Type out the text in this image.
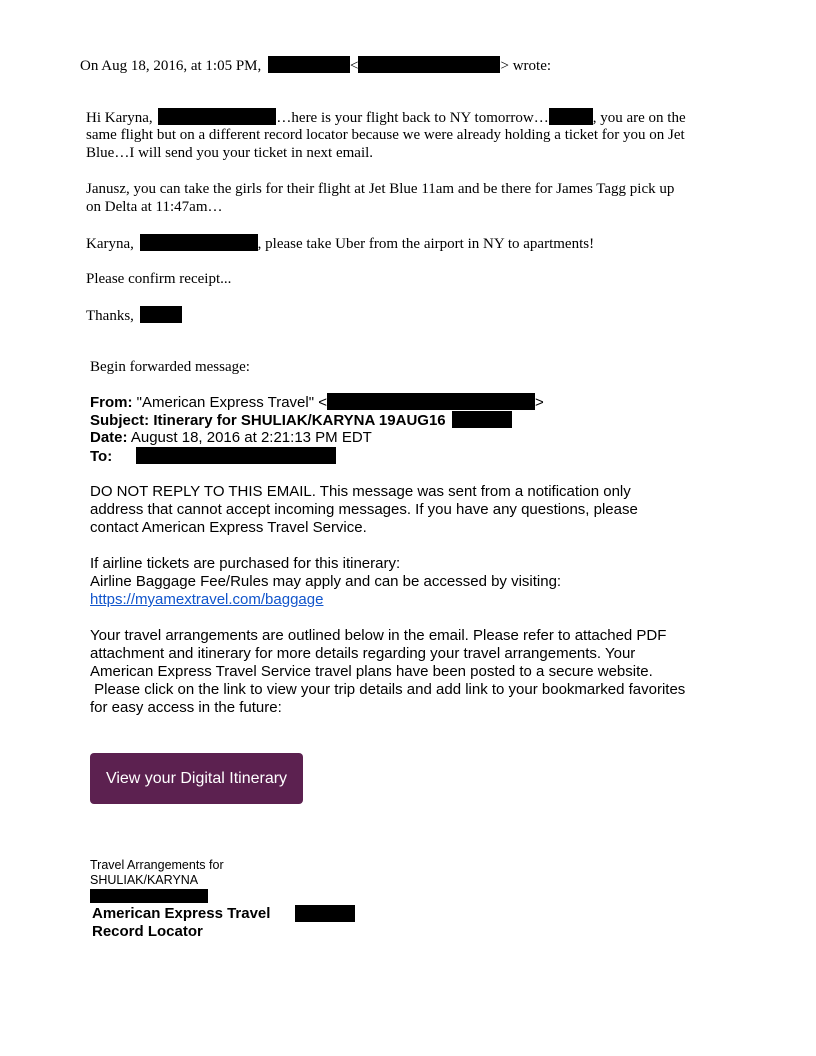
On Aug 18, 2016, at 1:05 PM,	<	> wrote:
Hi Karyna,	…here is your flight back to NY tomorrow…	, you are on the
same flight but on a different record locator because we were already holding a ticket for you on Jet
Blue…I will send you your ticket in next email.
Janusz, you can take the girls for their flight at Jet Blue 11am and be there for James Tagg pick up
on Delta at 11:47am…
Karyna,	, please take Uber from the airport in NY to apartments!
Please confirm receipt...
Thanks,
Begin forwarded message:
From: "American Express Travel" <	>
Subject: Itinerary for SHULIAK/KARYNA 19AUG16
Date: August 18, 2016 at 2:21:13 PM EDT
To:
DO NOT REPLY TO THIS EMAIL. This message was sent from a notification only
address that cannot accept incoming messages. If you have any questions, please
contact American Express Travel Service.
If airline tickets are purchased for this itinerary:
Airline Baggage Fee/Rules may apply and can be accessed by visiting:
https://myamextravel.com/baggage
Your travel arrangements are outlined below in the email. Please refer to attached PDF
attachment and itinerary for more details regarding your travel arrangements. Your
American Express Travel Service travel plans have been posted to a secure website.
Please click on the link to view your trip details and add link to your bookmarked favorites
for easy access in the future:
View your Digital Itinerary
Travel Arrangements for
SHULIAK/KARYNA
American Express Travel
Record Locator
